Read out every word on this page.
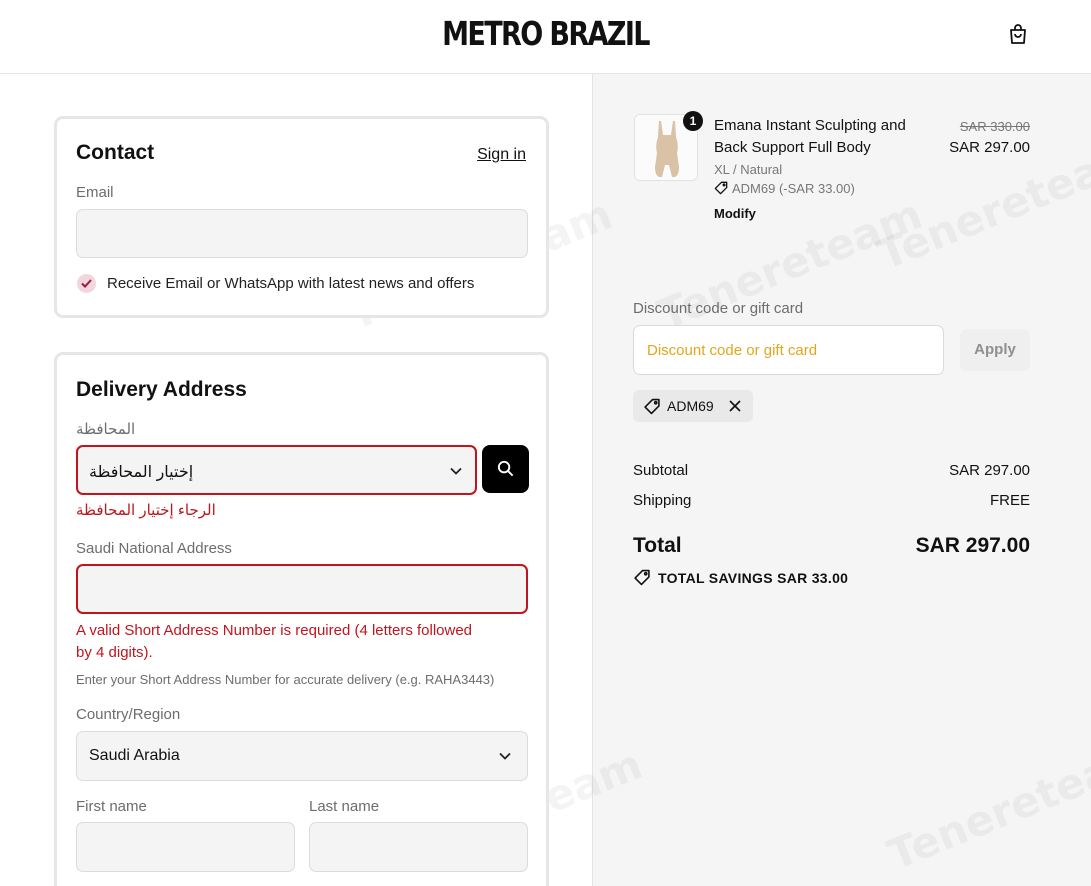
METRO BRAZIL
Contact	Sign in
Email
Receive Email or WhatsApp with latest news and offers
Delivery Address
المحافظة
إختيار المحافظة
الرجاء إختيار المحافظة
Saudi National Address
A valid Short Address Number is required (4 letters followed
by 4 digits).
Enter your Short Address Number for accurate delivery (e.g. RAHA3443)
Country/Region
Saudi Arabia
First name	Last name
1	Emana Instant Sculpting and Back Support Full Body
XL / Natural
ADM69 (-SAR 33.00)
Modify
SAR 330.00
SAR 297.00
Discount code or gift card
Discount code or gift card	Apply
ADM69
Subtotal	SAR 297.00
Shipping	FREE
Total	SAR 297.00
TOTAL SAVINGS SAR 33.00
